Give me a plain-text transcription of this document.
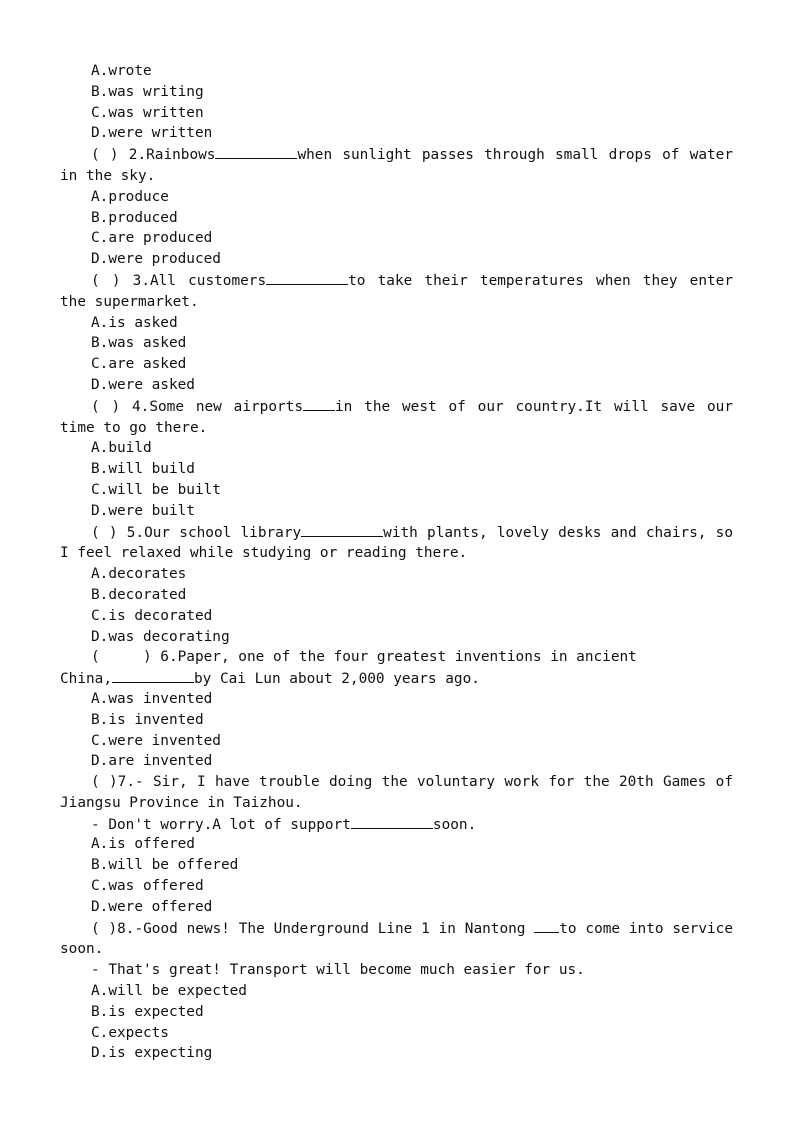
A.wrote
B.was writing
C.was written
D.were written
( ) 2.Rainbows	when sunlight passes through small drops of water in the sky.
A.produce
B.produced
C.are produced
D.were produced
( ) 3.All customers	to take their temperatures when they enter the supermarket.
A.is asked
B.was asked
C.are asked
D.were asked
( ) 4.Some new airports in the west of our country.It will save our time to go there.
A.build
B.will build
C.will be built
D.were built
( ) 5.Our school library	with plants, lovely desks and chairs, so I feel relaxed while studying or reading there.
A.decorates
B.decorated
C.is decorated
D.was decorating
(     ) 6.Paper, one of the four greatest inventions in ancient
China,	by Cai Lun about 2,000 years ago.
A.was invented
B.is invented
C.were invented
D.are invented
( )7.- Sir, I have trouble doing the voluntary work for the 20th Games of Jiangsu Province in Taizhou.
- Don't worry.A lot of support	soon.
A.is offered
B.will be offered
C.was offered
D.were offered
( )8.-Good news! The Underground Line 1 in Nantong to come into service soon.
- That's great! Transport will become much easier for us.
A.will be expected
B.is expected
C.expects
D.is expecting
